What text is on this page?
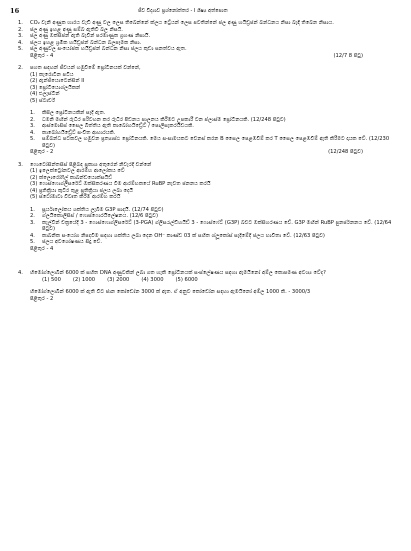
16	ජීව විද්‍යාව ප්‍රශ්නෝත්තර - I ශිෂ්‍ය අත්පොත
1.	CO₂ වැනි අණුක භාරය වැඩි අණු වල ලෙස තිබෙන්නේ ක්ලය ට්‍රේයන් ලෙස පවතින්නේ ජල අණු හයිඩ්‍රජන් බන්ධනය නිසා බැඳී තිබෙන නිසාය.
2.	ජල අණු ඉහළ අණු සම්බ ඇතිවී බල නිසයි.
3.	ජල අණු ඔක්සිජන් ඇති බැවින් පරමාණුක ග්‍රහණ නිසායි.
4.	ජලය ඉහළ ශ්‍රමික හයිඩ්‍රජන් බන්ධන බලපෑමක නිසා.
5.	ජල අණුවල සංයෝජක හයිඩ්‍රජන් බන්ධන නිසා ජලය කුඩා ඝනත්වය ඇත.
පිළිතුර - 4	(12/7 8 පිටු)
2.	පහත සඳහන් ජීවයන් හමුවීමේ ප්‍රෝටීනයක් වන්නේ,
(1) කැරොටීන පටිය
(2) ඇන්ජියොටෙන්සින් II
(3) ප්‍රෝටියොග්ලයිකන්
(4) එලැස්ටින්
(5) ස්ටාර්ච්
1.	කිසිල ප්‍රෝටීනයකින් සෑදී ඇත.
2.	ධමනි මඟින් රුධිර පරිවහන කර රුධිර පීඩනය පාලනය කිරීමට උපකාරී වන ප්ලාස්ම ප්‍රෝටීනයකි. (12/248 පිටුව)
3.	ආස්මොසිස් සෛල බිත්තිය ඇති කාබෝහයිඩ්‍රේට් / පොලිසැකරයිඩයකි.
4.	කාබෝහයිඩ්‍රේට් සංචිත ආහාරයකි.
5.	සම්බන්ධ පටකවල හමුවන ප්‍රත්‍යාස්ථ ප්‍රෝටීනයකි. මෙය සංසාමයකට වෙනස් කරන B සෛල පෙළඹවීම් කර T සෛල පෙළඹවීම් ඇති කිරීමට දායක වේ. (12/230 පිටුව)
පිළිතුර - 2	(12/248 පිටුව)
3.	ෆොටෝසින්තසිස් පිළිබඳ ප්‍රකාශ අතුරෙන් නිවැරදි වන්නේ
(1) ඉලෙක්ට්‍රෝනවල ආරම්භ ආලෝකය වේ
(2) ක්ලොරෝෆිල් කාබන්ඩයොක්සයිඩ්
(3) ෆොස්ෆොග්ලිසරේට් ඔක්සිකරණය වීම ආරම්භකයේ RuBP නැවත ජනනය කරයි
(4) ප්‍රතික්‍රියා කුටීර තුළ ප්‍රතික්‍රියා ජලය ලබා දෙයි
(5) ස්ටෝමාටා විවෘත කිරීම ආරම්භ කරයි
1.	සූර්යාලෝකය ශක්තිය ලැබීම G3P සාදයි. (12/74 පිටුව)
2.	ග්ලයිකොලිසිස් / ෆොස්ෆොරයිලේෂනය. (12/6 පිටුව)
3.	කැල්වින් චක්‍රයේදී 3 - ෆොස්ෆොග්ලිසරේට් (3-PGA) ග්ලිසරැල්ඩිහයිඩ් 3 - ෆොස්ෆේට් (G3P) බවට ඔක්සිහරණය වේ. G3P මඟින් RuBP පුනර්ජනනය වේ. (12/64 පිටුව)
4.	කාබනික සංයෝග නිපදවීම සඳහා ශක්තිය ලබා දෙන OH⁻ කාණ්ඩ 03 ක් සහිත ග්ලූකෝස් සැදීමේදී ජලය භාවිතා වේ. (12/63 පිටුව)
5.	ජලය අවශෝෂණය සිදු වේ.
පිළිතුර - 4
4.	හිමෝග්ලොබින් 6000 ක් සහිත DNA අණුවකින් ලබා ගත හැකි ප්‍රෝටීනයක් සංස්ලේෂණය සඳහා ඇමයිනෝ අම්ල කොපමණ අවශ්‍ය වේද?
(1) 500 (2) 1000 (3) 2000 (4) 3000 (5) 6000
හිමෝග්ලොබින් 6000 ක් ඇති විට ජාන කෝඩෝන 3000 ක් ඇත. ඒ අනුව කෝඩෝන සඳහා ඇමයිනෝ අම්ල 1000 කි. - 3000/3
පිළිතුර - 2
